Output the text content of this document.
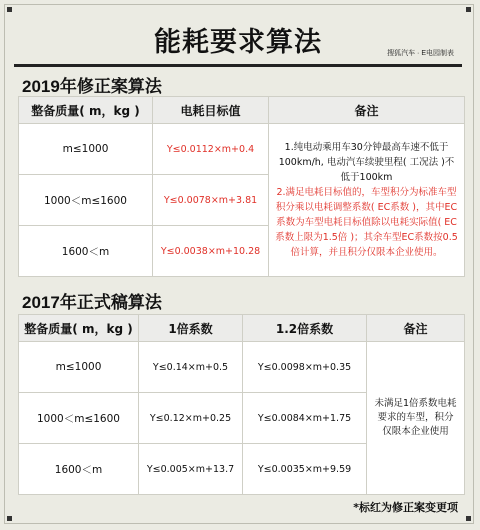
能耗要求算法	搜狐汽车 · E电园制表
2019年修正案算法
整备质量( m，kg )	电耗目标值	备注
m≤1000	Y≤0.0112×m+0.4	1.纯电动乘用车30分钟最高车速不低于100km/h, 电动汽车续驶里程( 工况法 )不低于100km
2.满足电耗目标值的，车型积分为标准车型积分乘以电耗调整系数( EC系数 )，其中EC系数为车型电耗目标值除以电耗实际值( EC系数上限为1.5倍 )；其余车型EC系数按0.5倍计算，并且积分仅限本企业使用。

1000＜m≤1600	Y≤0.0078×m+3.81	
1600＜m	Y≤0.0038×m+10.28	
2017年正式稿算法
整备质量( m，kg )	1倍系数	1.2倍系数	备注
m≤1000	Y≤0.14×m+0.5	Y≤0.0098×m+0.35	未满足1倍系数电耗要求的车型，积分仅限本企业使用
1000＜m≤1600	Y≤0.12×m+0.25	Y≤0.0084×m+1.75	
1600＜m	Y≤0.005×m+13.7	Y≤0.0035×m+9.59	
*标红为修正案变更项
